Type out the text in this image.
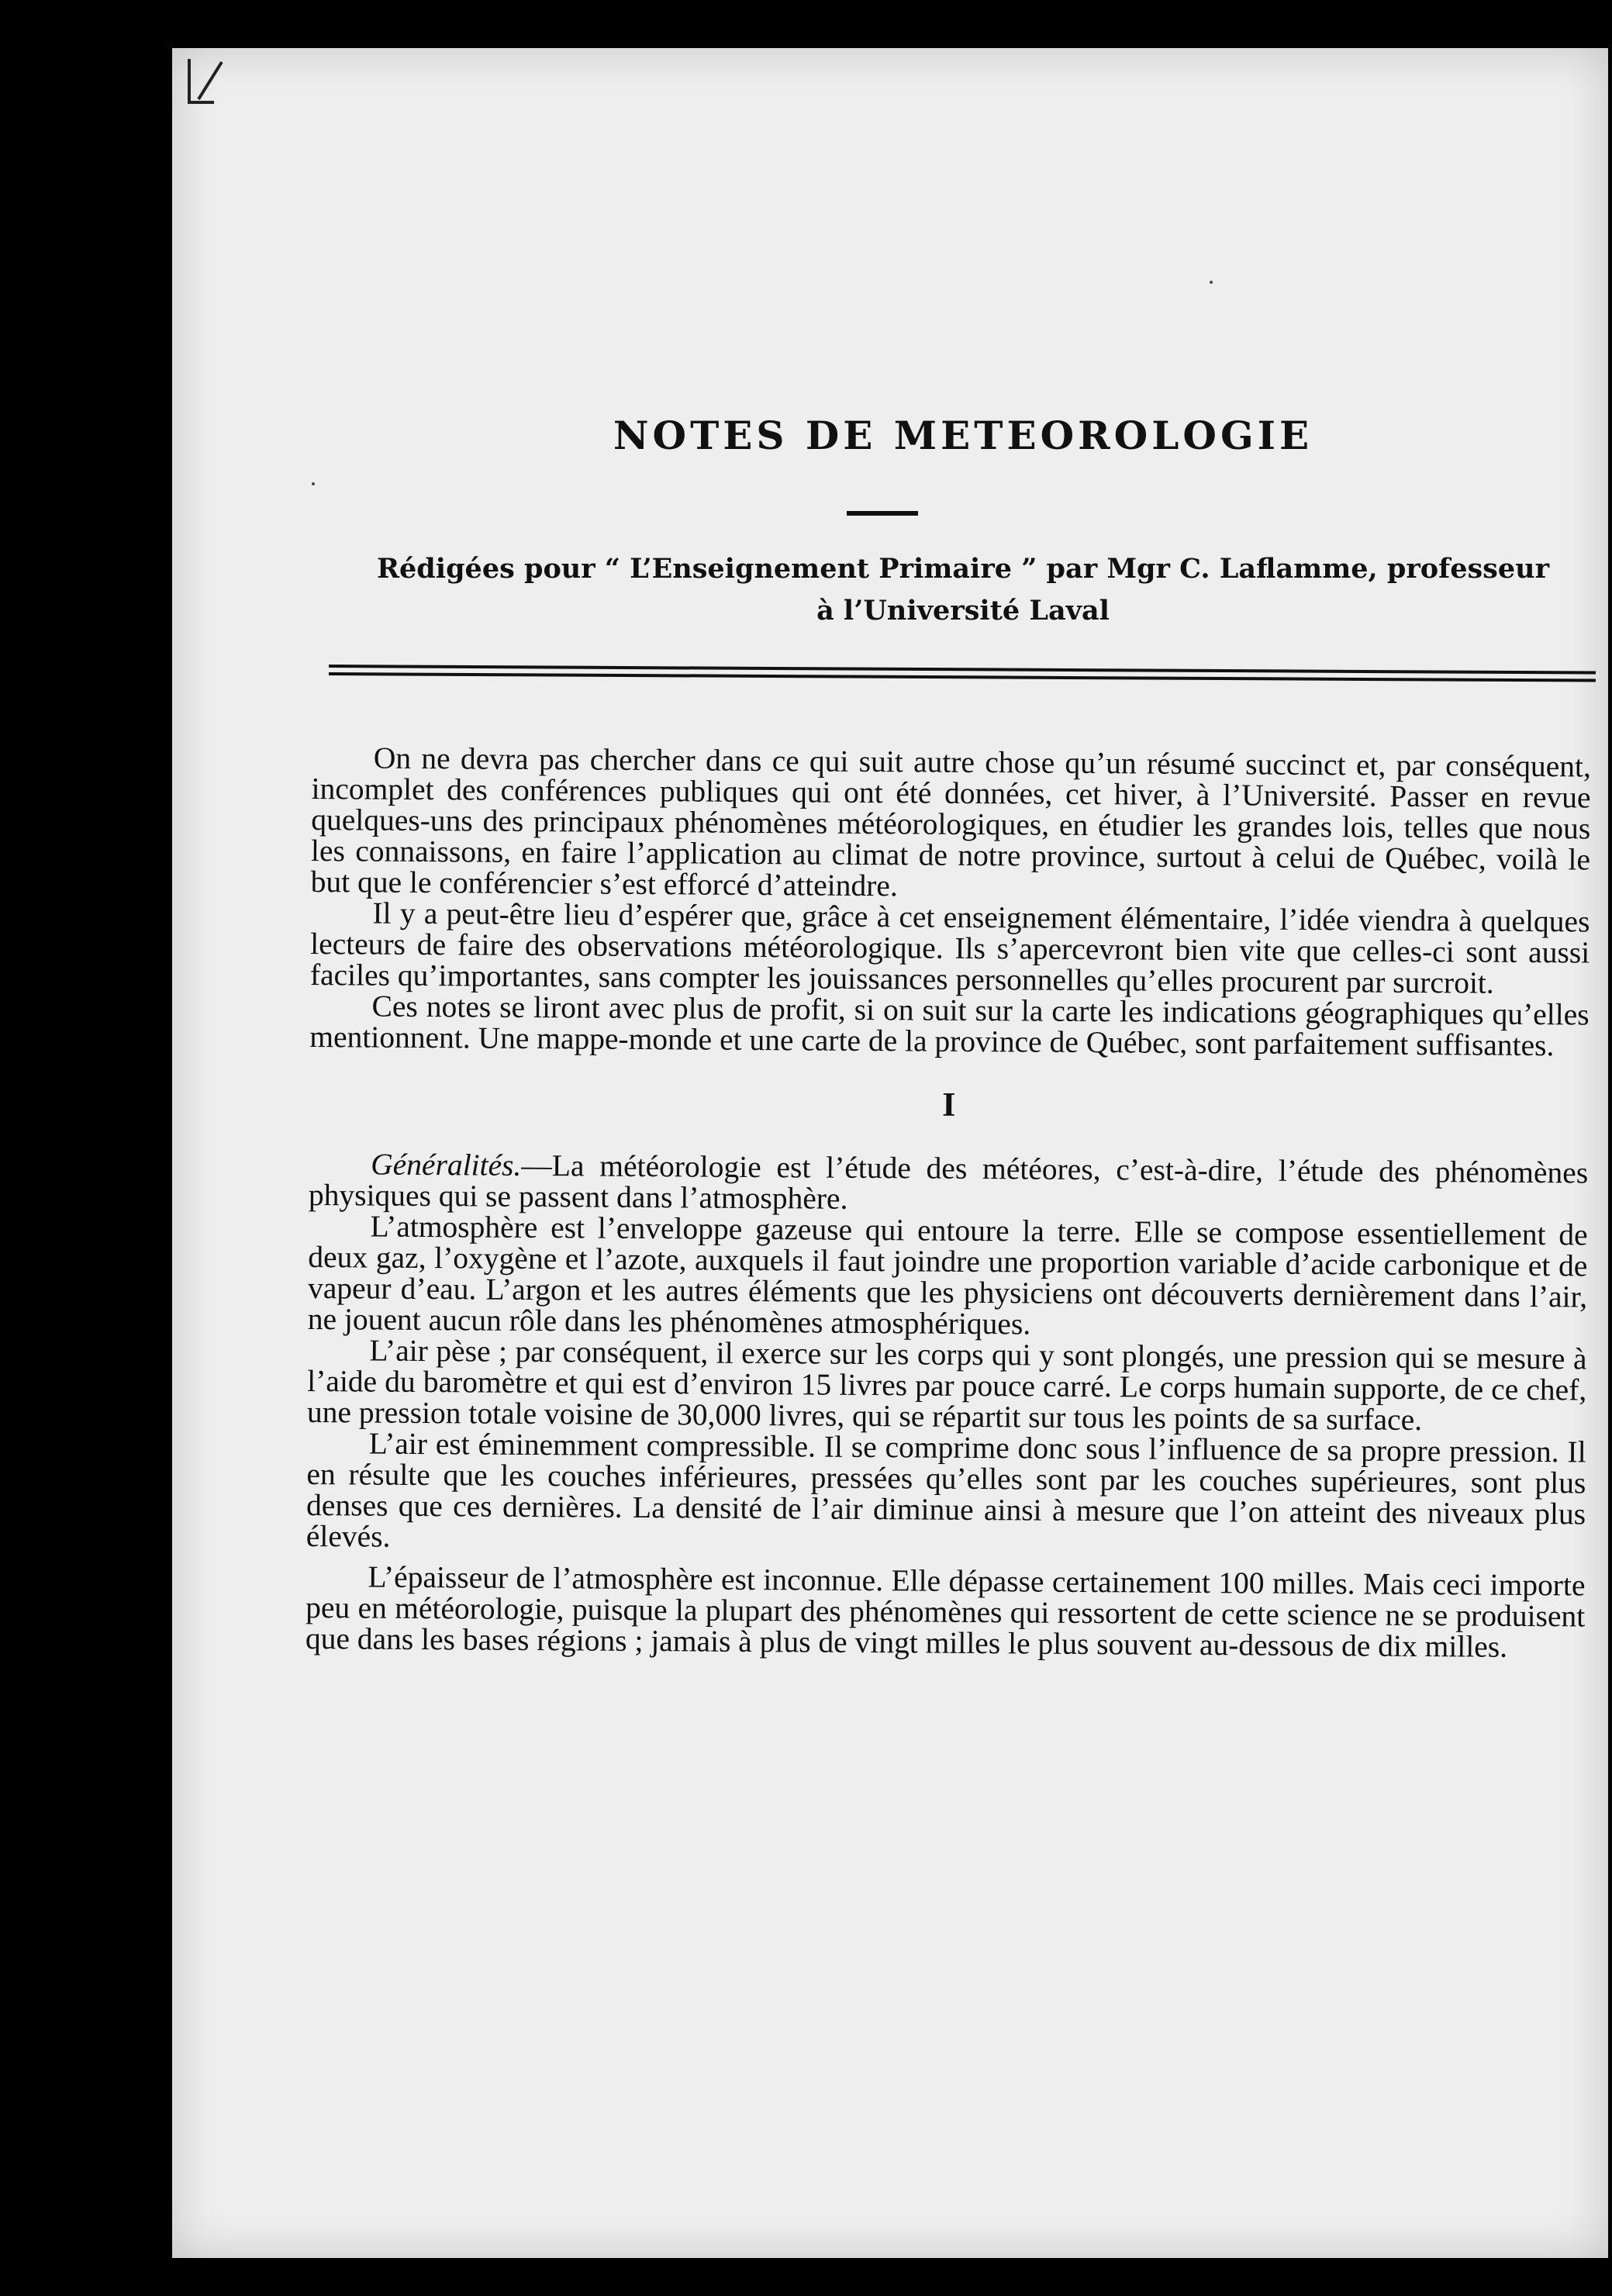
NOTES DE METEOROLOGIE
Rédigées pour “ L’Enseignement Primaire ” par Mgr C. Laflamme, professeur
à l’Université Laval

On ne devra pas chercher dans ce qui suit autre chose qu’un résumé succinct et, par conséquent, incomplet des conférences publiques qui ont été données, cet hiver, à l’Université. Passer en revue quelques-uns des principaux phénomènes météorologiques, en étudier les grandes lois, telles que nous les connaissons, en faire l’application au climat de notre province, surtout à celui de Québec, voilà le but que le conférencier s’est efforcé d’atteindre.

Il y a peut-être lieu d’espérer que, grâce à cet enseignement élémentaire, l’idée viendra à quelques lecteurs de faire des observations météorologique. Ils s’apercevront bien vite que celles-ci sont aussi faciles qu’importantes, sans compter les jouissances personnelles qu’elles procurent par surcroit.

Ces notes se liront avec plus de profit, si on suit sur la carte les indications géographiques qu’elles mentionnent. Une mappe-monde et une carte de la province de Québec, sont parfaitement suffisantes.

I

Généralités.—La météorologie est l’étude des météores, c’est-à-dire, l’étude des phénomènes physiques qui se passent dans l’atmosphère.

L’atmosphère est l’enveloppe gazeuse qui entoure la terre. Elle se compose essentiellement de deux gaz, l’oxygène et l’azote, auxquels il faut joindre une proportion variable d’acide carbonique et de vapeur d’eau. L’argon et les autres éléments que les physiciens ont découverts dernièrement dans l’air, ne jouent aucun rôle dans les phénomènes atmosphériques.

L’air pèse ; par conséquent, il exerce sur les corps qui y sont plongés, une pression qui se mesure à l’aide du baromètre et qui est d’environ 15 livres par pouce carré. Le corps humain supporte, de ce chef, une pression totale voisine de 30,000 livres, qui se répartit sur tous les points de sa surface.

L’air est éminemment compressible. Il se comprime donc sous l’influence de sa propre pression. Il en résulte que les couches inférieures, pressées qu’elles sont par les couches supérieures, sont plus denses que ces dernières. La densité de l’air diminue ainsi à mesure que l’on atteint des niveaux plus élevés.

L’épaisseur de l’atmosphère est inconnue. Elle dépasse certainement 100 milles. Mais ceci importe peu en météorologie, puisque la plupart des phénomènes qui ressortent de cette science ne se produisent que dans les bases régions ; jamais à plus de vingt milles le plus souvent au-dessous de dix milles.
